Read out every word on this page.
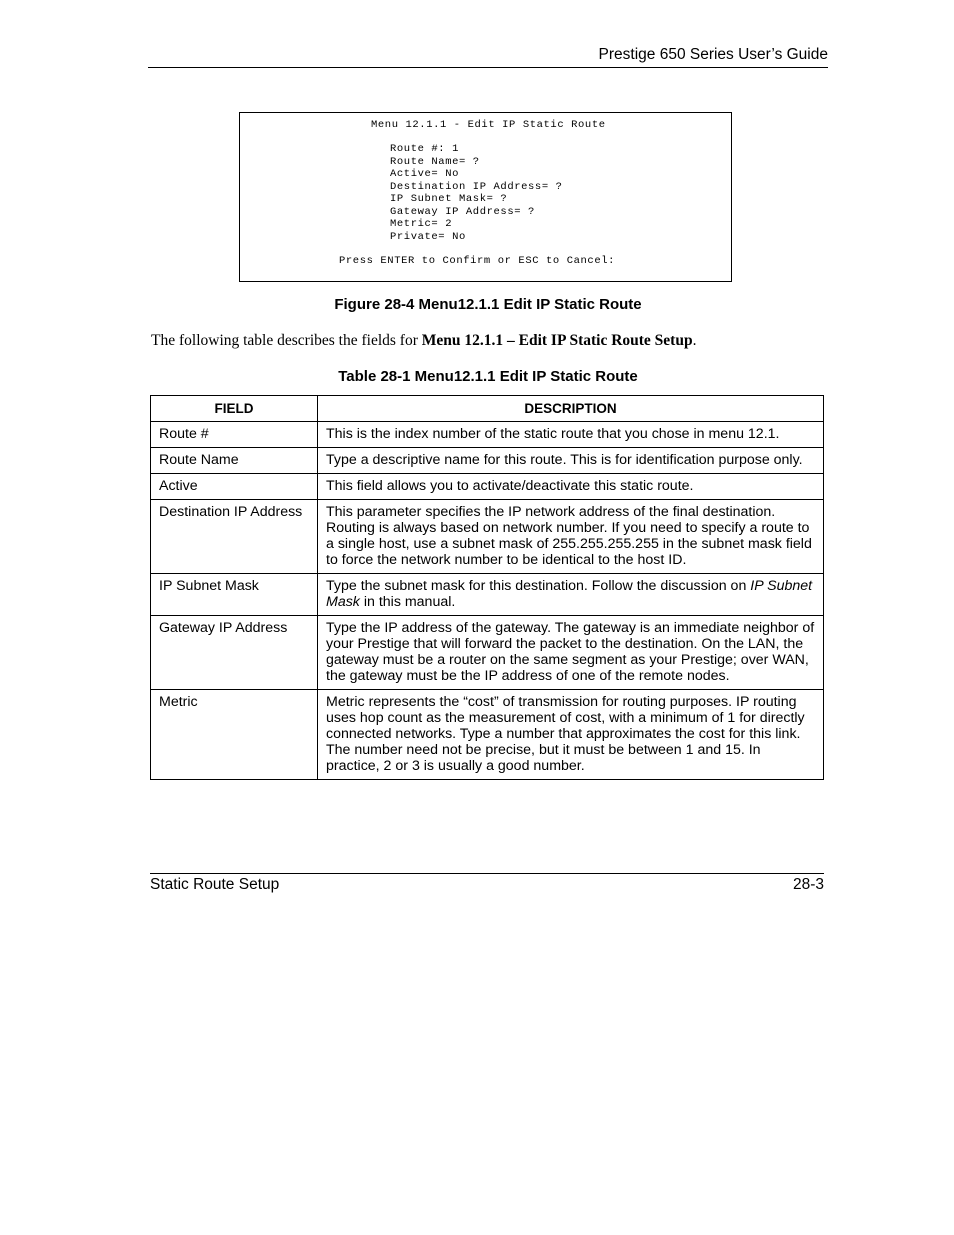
Prestige 650 Series User’s Guide
Menu 12.1.1 - Edit IP Static Route
Route #: 1
Route Name= ?
Active= No
Destination IP Address= ?
IP Subnet Mask= ?
Gateway IP Address= ?
Metric= 2
Private= No
Press ENTER to Confirm or ESC to Cancel:
Figure 28-4 Menu12.1.1 Edit IP Static Route
The following table describes the fields for Menu 12.1.1 – Edit IP Static Route Setup.
Table 28-1 Menu12.1.1 Edit IP Static Route
FIELD	DESCRIPTION
Route #	This is the index number of the static route that you chose in menu 12.1.
Route Name	Type a descriptive name for this route. This is for identification purpose only.
Active	This field allows you to activate/deactivate this static route.
Destination IP Address	This parameter specifies the IP network address of the final destination. Routing is always based on network number. If you need to specify a route to a single host, use a subnet mask of 255.255.255.255 in the subnet mask field to force the network number to be identical to the host ID.
IP Subnet Mask	Type the subnet mask for this destination. Follow the discussion on IP Subnet Mask in this manual.
Gateway IP Address	Type the IP address of the gateway. The gateway is an immediate neighbor of your Prestige that will forward the packet to the destination. On the LAN, the gateway must be a router on the same segment as your Prestige; over WAN, the gateway must be the IP address of one of the remote nodes.
Metric	Metric represents the “cost” of transmission for routing purposes. IP routing uses hop count as the measurement of cost, with a minimum of 1 for directly connected networks. Type a number that approximates the cost for this link. The number need not be precise, but it must be between 1 and 15. In practice, 2 or 3 is usually a good number.
Static Route Setup	28-3
